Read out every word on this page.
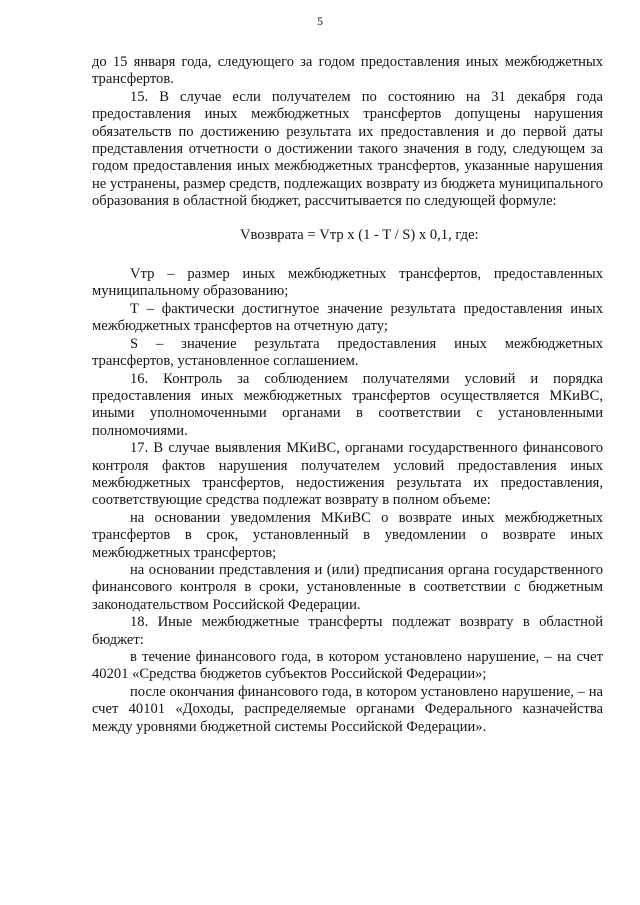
5

до 15 января года, следующего за годом предоставления иных межбюджетных трансфертов.

15. В случае если получателем по состоянию на 31 декабря года предоставления иных межбюджетных трансфертов допущены нарушения обязательств по достижению результата их предоставления и до первой даты представления отчетности о достижении такого значения в году, следующем за годом предоставления иных межбюджетных трансфертов, указанные нарушения не устранены, размер средств, подлежащих возврату из бюджета муниципального образования в областной бюджет, рассчитывается по следующей формуле:

Vвозврата = Vтр x (1 - T / S) x 0,1, где:

Vтр – размер иных межбюджетных трансфертов, предоставленных муниципальному образованию;

T – фактически достигнутое значение результата предоставления иных межбюджетных трансфертов на отчетную дату;

S – значение результата предоставления иных межбюджетных трансфертов, установленное соглашением.

16. Контроль за соблюдением получателями условий и порядка предоставления иных межбюджетных трансфертов осуществляется МКиВС, иными уполномоченными органами в соответствии с установленными полномочиями.

17. В случае выявления МКиВС, органами государственного финансового контроля фактов нарушения получателем условий предоставления иных межбюджетных трансфертов, недостижения результата их предоставления, соответствующие средства подлежат возврату в полном объеме:

на основании уведомления МКиВС о возврате иных межбюджетных трансфертов в срок, установленный в уведомлении о возврате иных межбюджетных трансфертов;

на основании представления и (или) предписания органа государственного финансового контроля в сроки, установленные в соответствии с бюджетным законодательством Российской Федерации.

18. Иные межбюджетные трансферты подлежат возврату в областной бюджет:

в течение финансового года, в котором установлено нарушение, – на счет 40201 «Средства бюджетов субъектов Российской Федерации»;

после окончания финансового года, в котором установлено нарушение, – на счет 40101 «Доходы, распределяемые органами Федерального казначейства между уровнями бюджетной системы Российской Федерации».
